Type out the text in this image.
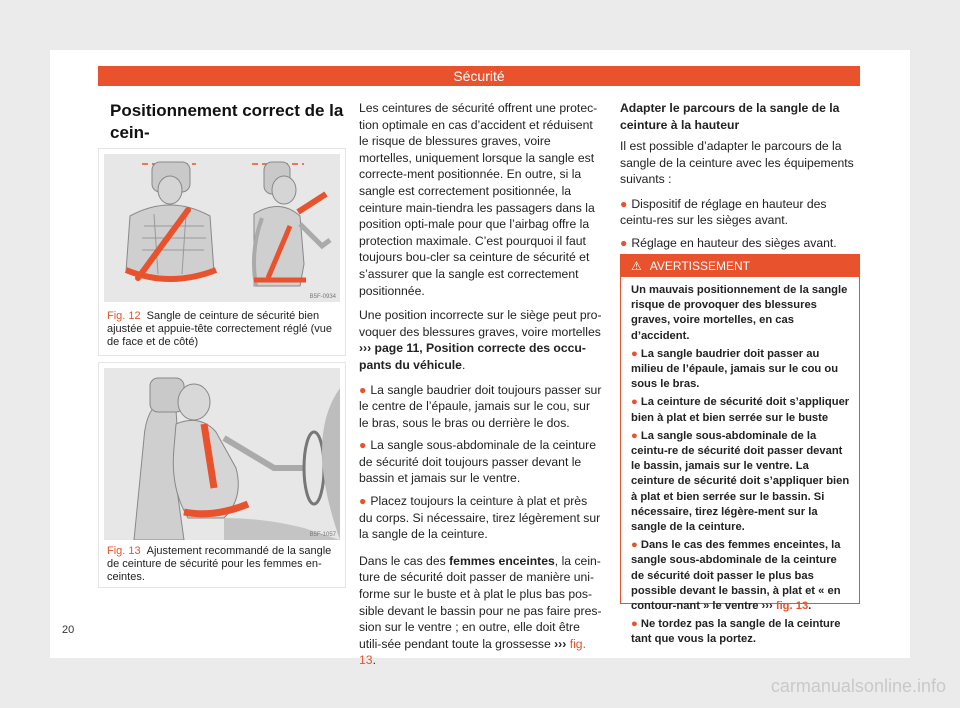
Sécurité
Positionnement correct de la cein-

B5F-0934
Fig. 12 Sangle de ceinture de sécurité bien ajustée et appuie-tête correctement réglé (vue de face et de côté)
B5F-1057
Fig. 13 Ajustement recommandé de la sangle de ceinture de sécurité pour les femmes en-ceintes.

Les ceintures de sécurité offrent une protec-tion optimale en cas d’accident et réduisent le risque de blessures graves, voire mortelles, uniquement lorsque la sangle est correcte-ment positionnée. En outre, si la sangle est correctement positionnée, la ceinture main-tiendra les passagers dans la position opti-male pour que l’airbag offre la protection maximale. C’est pourquoi il faut toujours bou-cler sa ceinture de sécurité et s’assurer que la sangle est correctement positionnée.

Une position incorrecte sur le siège peut pro-voquer des blessures graves, voire mortelles ››› page 11, Position correcte des occu-pants du véhicule.

● La sangle baudrier doit toujours passer sur le centre de l’épaule, jamais sur le cou, sur le bras, sous le bras ou derrière le dos.
● La sangle sous-abdominale de la ceinture de sécurité doit toujours passer devant le bassin et jamais sur le ventre.
● Placez toujours la ceinture à plat et près du corps. Si nécessaire, tirez légèrement sur la sangle de la ceinture.

Dans le cas des femmes enceintes, la cein-ture de sécurité doit passer de manière uni-forme sur le buste et à plat le plus bas pos-sible devant le bassin pour ne pas faire pres-sion sur le ventre ; en outre, elle doit être utili-sée pendant toute la grossesse ››› fig. 13.

Adapter le parcours de la sangle de la ceinture à la hauteur

Il est possible d’adapter le parcours de la sangle de la ceinture avec les équipements suivants :

● Dispositif de réglage en hauteur des ceintu-res sur les sièges avant.
● Réglage en hauteur des sièges avant.
⚠ AVERTISSEMENT

Un mauvais positionnement de la sangle risque de provoquer des blessures graves, voire mortelles, en cas d’accident.

● La sangle baudrier doit passer au milieu de l’épaule, jamais sur le cou ou sous le bras.

● La ceinture de sécurité doit s’appliquer bien à plat et bien serrée sur le buste

● La sangle sous-abdominale de la ceintu-re de sécurité doit passer devant le bassin, jamais sur le ventre. La ceinture de sécurité doit s’appliquer bien à plat et bien serrée sur le bassin. Si nécessaire, tirez légère-ment sur la sangle de la ceinture.

● Dans le cas des femmes enceintes, la sangle sous-abdominale de la ceinture de sécurité doit passer le plus bas possible devant le bassin, à plat et « en contour-nant » le ventre ››› fig. 13.

● Ne tordez pas la sangle de la ceinture tant que vous la portez.

20
carmanualsonline.info
